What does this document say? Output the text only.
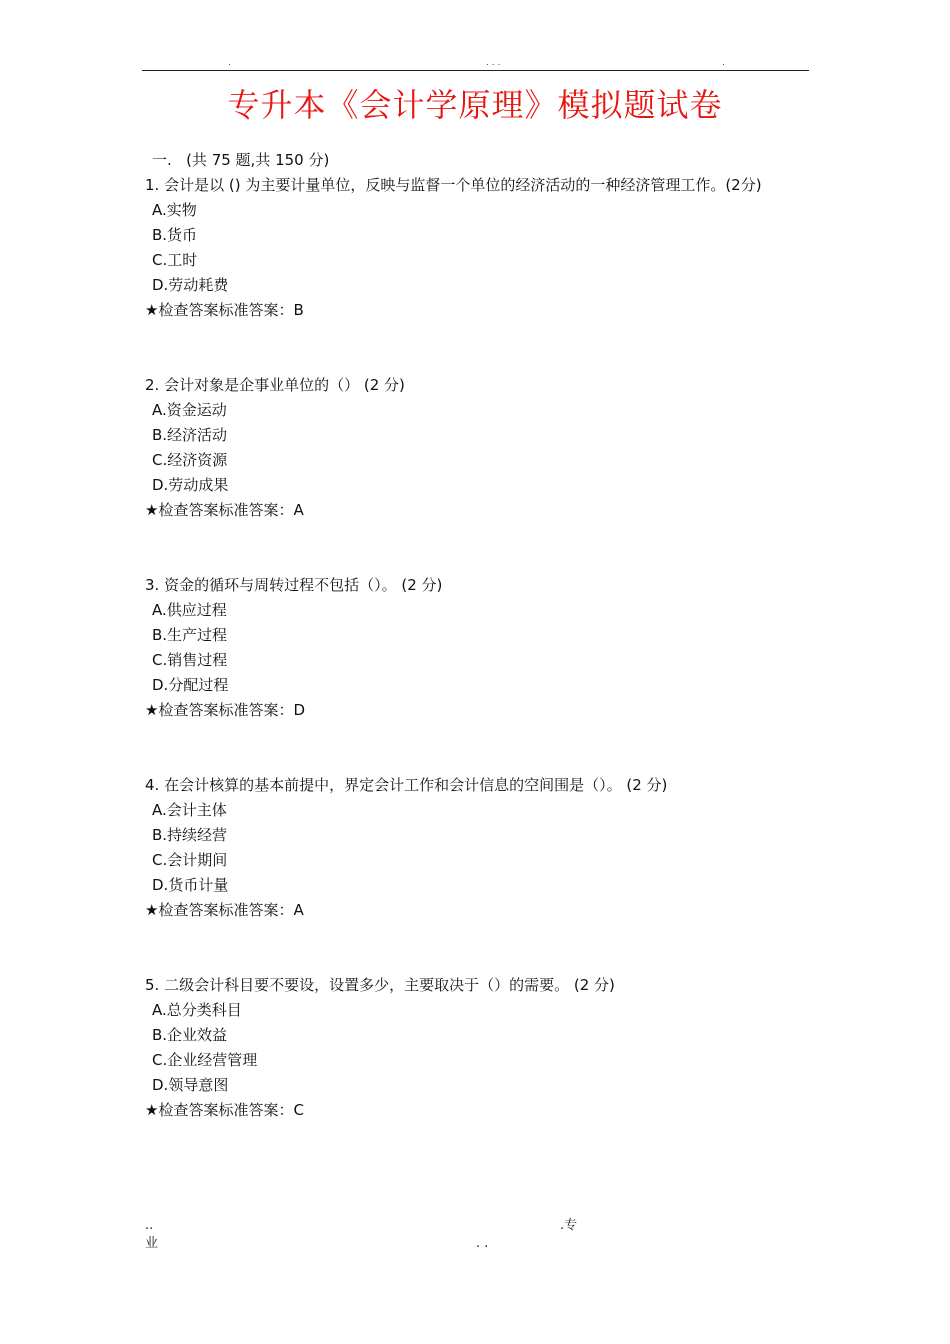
.	. . .	.
专升本《会计学原理》模拟题试卷
一.   (共 75 题,共 150 分)

1. 会计是以 () 为主要计量单位，反映与监督一个单位的经济活动的一种经济管理工作。(2分)

A.实物
B.货币
C.工时
D.劳动耗费
★检查答案标准答案：B

2. 会计对象是企事业单位的（） (2 分)

A.资金运动
B.经济活动
C.经济资源
D.劳动成果
★检查答案标准答案：A

3. 资金的循环与周转过程不包括（）。 (2 分)

A.供应过程
B.生产过程
C.销售过程
D.分配过程
★检查答案标准答案：D

4. 在会计核算的基本前提中，界定会计工作和会计信息的空间围是（）。 (2 分)

A.会计主体
B.持续经营
C.会计期间
D.货币计量
★检查答案标准答案：A

5. 二级会计科目要不要设，设置多少，主要取决于（）的需要。 (2 分)

A.总分类科目
B.企业效益
C.企业经营管理
D.领导意图
★检查答案标准答案：C
..
业
.专
. .
